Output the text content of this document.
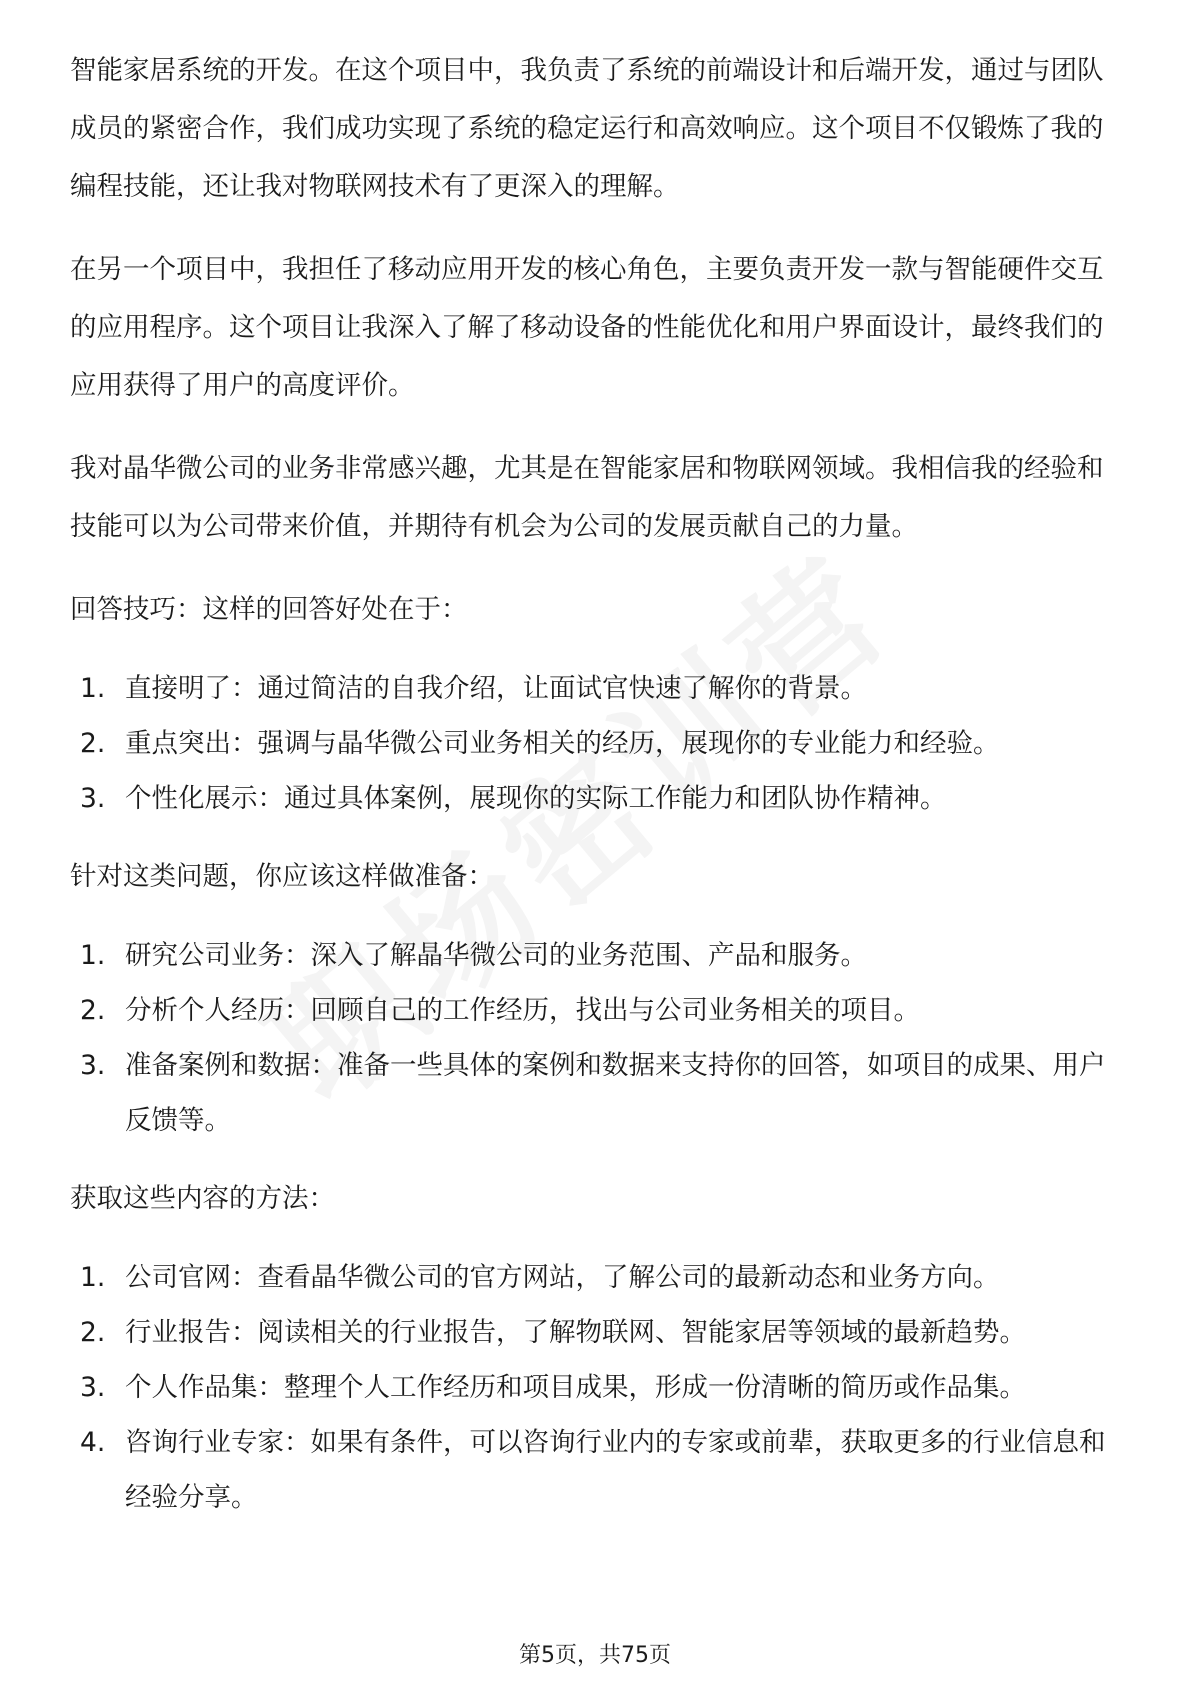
智能家居系统的开发。在这个项目中，我负责了系统的前端设计和后端开发，通过与团队成员的紧密合作，我们成功实现了系统的稳定运行和高效响应。这个项目不仅锻炼了我的编程技能，还让我对物联网技术有了更深入的理解。

在另一个项目中，我担任了移动应用开发的核心角色，主要负责开发一款与智能硬件交互的应用程序。这个项目让我深入了解了移动设备的性能优化和用户界面设计，最终我们的应用获得了用户的高度评价。

我对晶华微公司的业务非常感兴趣，尤其是在智能家居和物联网领域。我相信我的经验和技能可以为公司带来价值，并期待有机会为公司的发展贡献自己的力量。

回答技巧：这样的回答好处在于：

1. 直接明了：通过简洁的自我介绍，让面试官快速了解你的背景。
2. 重点突出：强调与晶华微公司业务相关的经历，展现你的专业能力和经验。
3. 个性化展示：通过具体案例，展现你的实际工作能力和团队协作精神。

针对这类问题，你应该这样做准备：

1. 研究公司业务：深入了解晶华微公司的业务范围、产品和服务。
2. 分析个人经历：回顾自己的工作经历，找出与公司业务相关的项目。
3. 准备案例和数据：准备一些具体的案例和数据来支持你的回答，如项目的成果、用户反馈等。

获取这些内容的方法：

1. 公司官网：查看晶华微公司的官方网站，了解公司的最新动态和业务方向。
2. 行业报告：阅读相关的行业报告，了解物联网、智能家居等领域的最新趋势。
3. 个人作品集：整理个人工作经历和项目成果，形成一份清晰的简历或作品集。
4. 咨询行业专家：如果有条件，可以咨询行业内的专家或前辈，获取更多的行业信息和经验分享。
第5页，共75页
